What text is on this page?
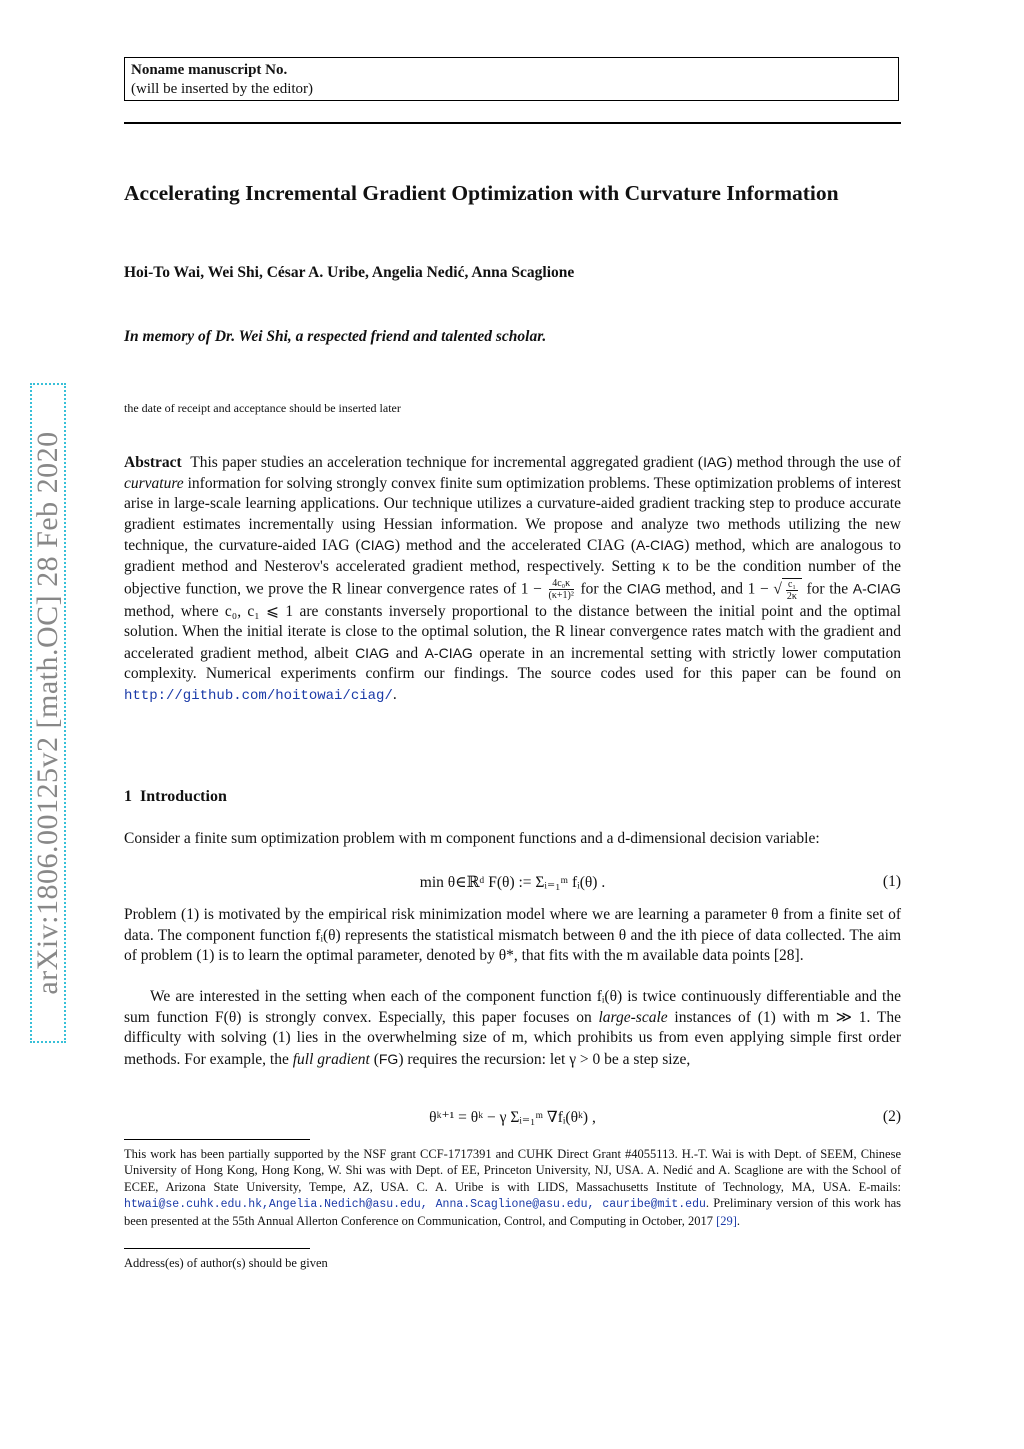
arXiv:1806.00125v2 [math.OC] 28 Feb 2020
Noname manuscript No.
(will be inserted by the editor)
Accelerating Incremental Gradient Optimization with Curvature Information
Hoi-To Wai, Wei Shi, César A. Uribe, Angelia Nedić, Anna Scaglione
In memory of Dr. Wei Shi, a respected friend and talented scholar.
the date of receipt and acceptance should be inserted later
Abstract This paper studies an acceleration technique for incremental aggregated gradient (IAG) method through the use of curvature information for solving strongly convex finite sum optimization problems. These optimization problems of interest arise in large-scale learning applications. Our technique utilizes a curvature-aided gradient tracking step to produce accurate gradient estimates incrementally using Hessian information. We propose and analyze two methods utilizing the new technique, the curvature-aided IAG (CIAG) method and the accelerated CIAG (A-CIAG) method, which are analogous to gradient method and Nesterov's accelerated gradient method, respectively. Setting κ to be the condition number of the objective function, we prove the R linear convergence rates of $1 - \frac{\text{4c₀κ}}{\text{(κ+1)²}}$ for the CIAG method, and 1 − √ $\frac{\text{c₁}}{2\kappa}$ for the A-CIAG method, where c₀, c₁ ⩽ 1 are constants inversely proportional to the distance between the initial point and the optimal solution. When the initial iterate is close to the optimal solution, the R linear convergence rates match with the gradient and accelerated gradient method, albeit CIAG and A-CIAG operate in an incremental setting with strictly lower computation complexity. Numerical experiments confirm our findings. The source codes used for this paper can be found on http://github.com/hoitowai/ciag/.
1 Introduction
Consider a finite sum optimization problem with m component functions and a d-dimensional decision variable:
min θ∈ℝᵈ F(θ) := Σᵢ₌₁ᵐ fᵢ(θ) .	(1)
Problem (1) is motivated by the empirical risk minimization model where we are learning a parameter θ from a finite set of data. The component function fᵢ(θ) represents the statistical mismatch between θ and the ith piece of data collected. The aim of problem (1) is to learn the optimal parameter, denoted by θ*, that fits with the m available data points [28].
We are interested in the setting when each of the component function fᵢ(θ) is twice continuously differentiable and the sum function F(θ) is strongly convex. Especially, this paper focuses on large-scale instances of (1) with m ≫ 1. The difficulty with solving (1) lies in the overwhelming size of m, which prohibits us from even applying simple first order methods. For example, the full gradient (FG) requires the recursion: let γ > 0 be a step size,
θᵏ⁺¹ = θᵏ − γ Σᵢ₌₁ᵐ ∇fᵢ(θᵏ) ,	(2)
This work has been partially supported by the NSF grant CCF-1717391 and CUHK Direct Grant #4055113. H.-T. Wai is with Dept. of SEEM, Chinese University of Hong Kong, Hong Kong, W. Shi was with Dept. of EE, Princeton University, NJ, USA. A. Nedić and A. Scaglione are with the School of ECEE, Arizona State University, Tempe, AZ, USA. C. A. Uribe is with LIDS, Massachusetts Institute of Technology, MA, USA. E-mails: htwai@se.cuhk.edu.hk,Angelia.Nedich@asu.edu, Anna.Scaglione@asu.edu, cauribe@mit.edu. Preliminary version of this work has been presented at the 55th Annual Allerton Conference on Communication, Control, and Computing in October, 2017 [29].
Address(es) of author(s) should be given
